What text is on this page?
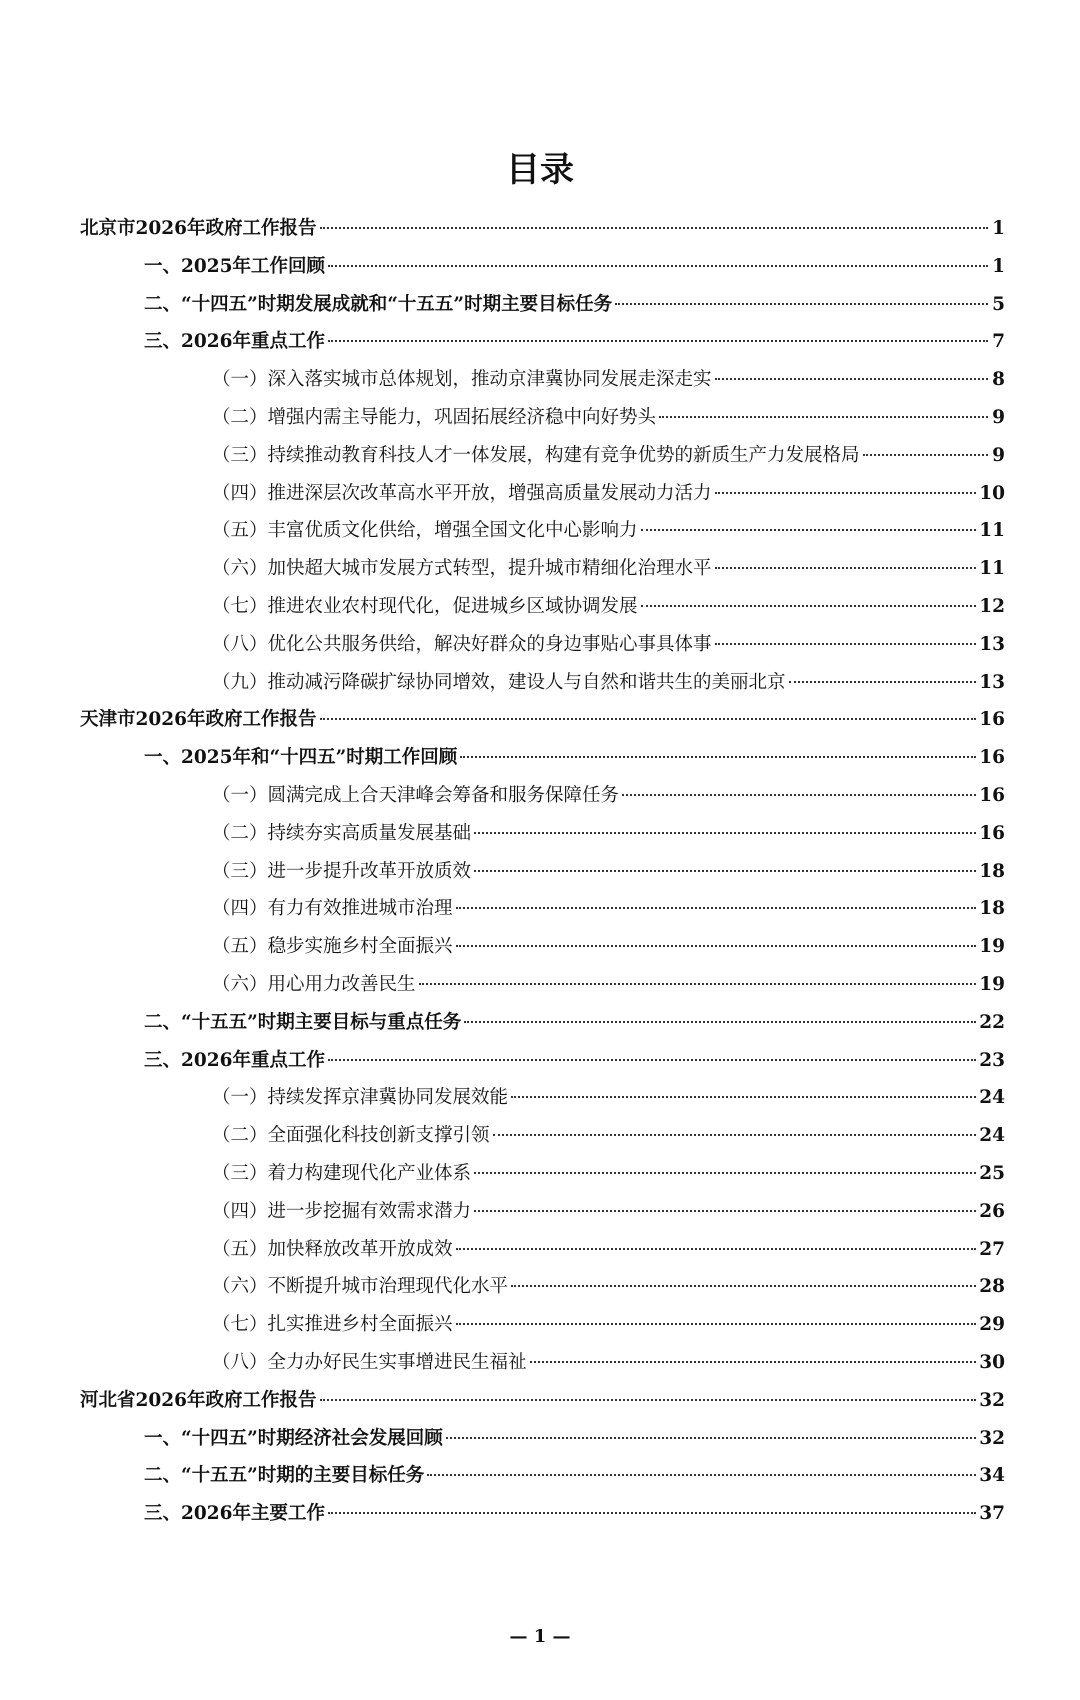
目录
北京市2026年政府工作报告	1
一、2025年工作回顾	1
二、“十四五”时期发展成就和“十五五”时期主要目标任务	5
三、2026年重点工作	7
（一）深入落实城市总体规划，推动京津冀协同发展走深走实	8
（二）增强内需主导能力，巩固拓展经济稳中向好势头	9
（三）持续推动教育科技人才一体发展，构建有竞争优势的新质生产力发展格局	9
（四）推进深层次改革高水平开放，增强高质量发展动力活力	10
（五）丰富优质文化供给，增强全国文化中心影响力	11
（六）加快超大城市发展方式转型，提升城市精细化治理水平	11
（七）推进农业农村现代化，促进城乡区域协调发展	12
（八）优化公共服务供给，解决好群众的身边事贴心事具体事	13
（九）推动减污降碳扩绿协同增效，建设人与自然和谐共生的美丽北京	13
天津市2026年政府工作报告	16
一、2025年和“十四五”时期工作回顾	16
（一）圆满完成上合天津峰会筹备和服务保障任务	16
（二）持续夯实高质量发展基础	16
（三）进一步提升改革开放质效	18
（四）有力有效推进城市治理	18
（五）稳步实施乡村全面振兴	19
（六）用心用力改善民生	19
二、“十五五”时期主要目标与重点任务	22
三、2026年重点工作	23
（一）持续发挥京津冀协同发展效能	24
（二）全面强化科技创新支撑引领	24
（三）着力构建现代化产业体系	25
（四）进一步挖掘有效需求潜力	26
（五）加快释放改革开放成效	27
（六）不断提升城市治理现代化水平	28
（七）扎实推进乡村全面振兴	29
（八）全力办好民生实事增进民生福祉	30
河北省2026年政府工作报告	32
一、“十四五”时期经济社会发展回顾	32
二、“十五五”时期的主要目标任务	34
三、2026年主要工作	37
— 1 —
